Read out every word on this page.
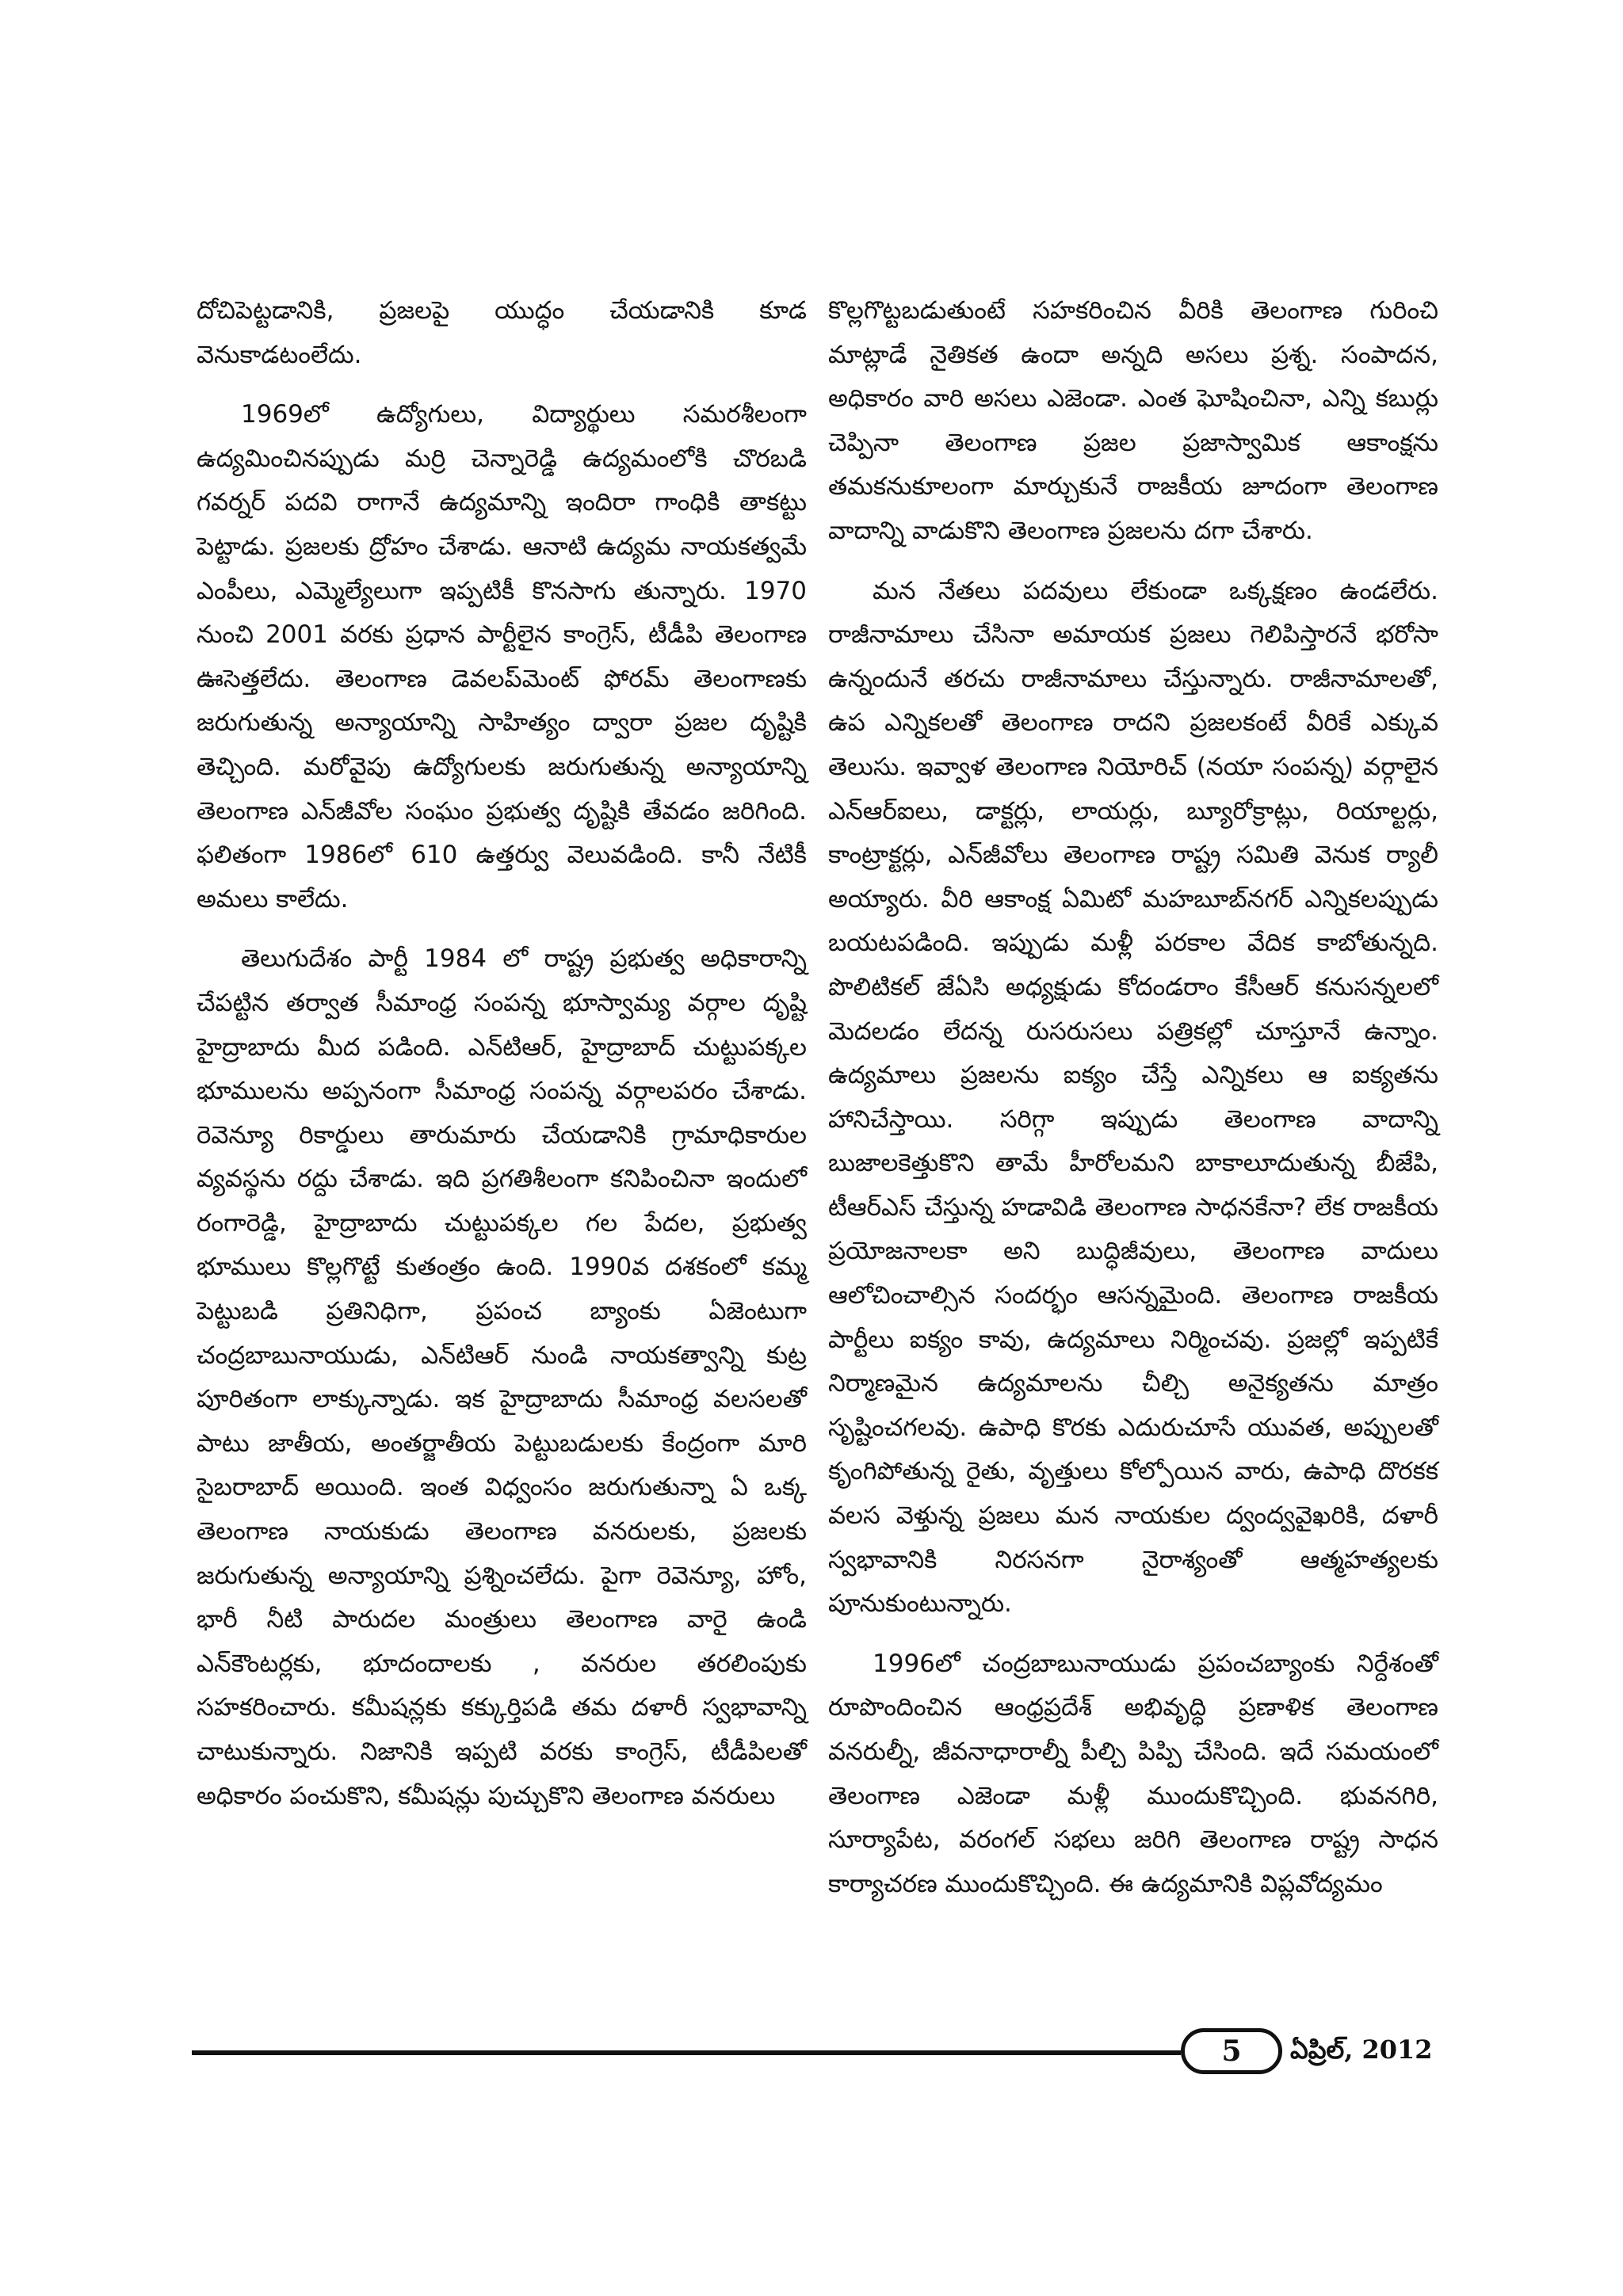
దోచిపెట్టడానికి, ప్రజలపై యుద్ధం చేయడానికి కూడ వెనుకాడటంలేదు.

1969లో ఉద్యోగులు, విద్యార్థులు సమరశీలంగా ఉద్యమించినప్పుడు మర్రి చెన్నారెడ్డి ఉద్యమంలోకి చొరబడి గవర్నర్ పదవి రాగానే ఉద్యమాన్ని ఇందిరా గాంధికి తాకట్టు పెట్టాడు. ప్రజలకు ద్రోహం చేశాడు. ఆనాటి ఉద్యమ నాయకత్వమే ఎంపీలు, ఎమ్మెల్యేలుగా ఇప్పటికీ కొనసాగు తున్నారు. 1970 నుంచి 2001 వరకు ప్రధాన పార్టీలైన కాంగ్రెస్, టీడీపి తెలంగాణ ఊసెత్తలేదు. తెలంగాణ డెవలప్‌మెంట్ ఫోరమ్ తెలంగాణకు జరుగుతున్న అన్యాయాన్ని సాహిత్యం ద్వారా ప్రజల దృష్టికి తెచ్చింది. మరోవైపు ఉద్యోగులకు జరుగుతున్న అన్యాయాన్ని తెలంగాణ ఎన్‌జీవోల సంఘం ప్రభుత్వ దృష్టికి తేవడం జరిగింది. ఫలితంగా 1986లో 610 ఉత్తర్వు వెలువడింది. కానీ నేటికీ అమలు కాలేదు.

తెలుగుదేశం పార్టీ 1984 లో రాష్ట్ర ప్రభుత్వ అధికారాన్ని చేపట్టిన తర్వాత సీమాంధ్ర సంపన్న భూస్వామ్య వర్గాల దృష్టి హైద్రాబాదు మీద పడింది. ఎన్‌టిఆర్, హైద్రాబాద్ చుట్టుపక్కల భూములను అప్పనంగా సీమాంధ్ర సంపన్న వర్గాలపరం చేశాడు. రెవెన్యూ రికార్డులు తారుమారు చేయడానికి గ్రామాధికారుల వ్యవస్థను రద్దు చేశాడు. ఇది ప్రగతిశీలంగా కనిపించినా ఇందులో రంగారెడ్డి, హైద్రాబాదు చుట్టుపక్కల గల పేదల, ప్రభుత్వ భూములు కొల్లగొట్టే కుతంత్రం ఉంది. 1990వ దశకంలో కమ్మ పెట్టుబడి ప్రతినిధిగా, ప్రపంచ బ్యాంకు ఏజెంటుగా చంద్రబాబునాయుడు, ఎన్‌టిఆర్ నుండి నాయకత్వాన్ని కుట్ర పూరితంగా లాక్కున్నాడు. ఇక హైద్రాబాదు సీమాంధ్ర వలసలతో పాటు జాతీయ, అంతర్జాతీయ పెట్టుబడులకు కేంద్రంగా మారి సైబరాబాద్ అయింది. ఇంత విధ్వంసం జరుగుతున్నా ఏ ఒక్క తెలంగాణ నాయకుడు తెలంగాణ వనరులకు, ప్రజలకు జరుగుతున్న అన్యాయాన్ని ప్రశ్నించలేదు. పైగా రెవెన్యూ, హోం, భారీ నీటి పారుదల మంత్రులు తెలంగాణ వారై ఉండి ఎన్‌కౌంటర్లకు, భూదందాలకు , వనరుల తరలింపుకు సహకరించారు. కమీషన్లకు కక్కుర్తిపడి తమ దళారీ స్వభావాన్ని చాటుకున్నారు. నిజానికి ఇప్పటి వరకు కాంగ్రెస్, టీడీపిలతో అధికారం పంచుకొని, కమీషన్లు పుచ్చుకొని తెలంగాణ వనరులు

కొల్లగొట్టబడుతుంటే సహకరించిన వీరికి తెలంగాణ గురించి మాట్లాడే నైతికత ఉందా అన్నది అసలు ప్రశ్న. సంపాదన, అధికారం వారి అసలు ఎజెండా. ఎంత ఘోషించినా, ఎన్ని కబుర్లు చెప్పినా తెలంగాణ ప్రజల ప్రజాస్వామిక ఆకాంక్షను తమకనుకూలంగా మార్చుకునే రాజకీయ జూదంగా తెలంగాణ వాదాన్ని వాడుకొని తెలంగాణ ప్రజలను దగా చేశారు.

మన నేతలు పదవులు లేకుండా ఒక్కక్షణం ఉండలేరు. రాజీనామాలు చేసినా అమాయక ప్రజలు గెలిపిస్తారనే భరోసా ఉన్నందునే తరచు రాజీనామాలు చేస్తున్నారు. రాజీనామాలతో, ఉప ఎన్నికలతో తెలంగాణ రాదని ప్రజలకంటే వీరికే ఎక్కువ తెలుసు. ఇవ్వాళ తెలంగాణ నియోరిచ్ (నయా సంపన్న) వర్గాలైన ఎన్‌ఆర్‌ఐలు, డాక్టర్లు, లాయర్లు, బ్యూరోక్రాట్లు, రియాల్టర్లు, కాంట్రాక్టర్లు, ఎన్‌జీవోలు తెలంగాణ రాష్ట్ర సమితి వెనుక ర్యాలీ అయ్యారు. వీరి ఆకాంక్ష ఏమిటో మహబూబ్‌నగర్ ఎన్నికలప్పుడు బయటపడింది. ఇప్పుడు మళ్లీ పరకాల వేదిక కాబోతున్నది. పొలిటికల్ జేఏసి అధ్యక్షుడు కోదండరాం కేసీఆర్ కనుసన్నలలో మెదలడం లేదన్న రుసరుసలు పత్రికల్లో చూస్తూనే ఉన్నాం. ఉద్యమాలు ప్రజలను ఐక్యం చేస్తే ఎన్నికలు ఆ ఐక్యతను హానిచేస్తాయి. సరిగ్గా ఇప్పుడు తెలంగాణ వాదాన్ని బుజాలకెత్తుకొని తామే హీరోలమని బాకాలూదుతున్న బీజేపి, టీఆర్‌ఎస్ చేస్తున్న హడావిడి తెలంగాణ సాధనకేనా? లేక రాజకీయ ప్రయోజనాలకా అని బుద్ధిజీవులు, తెలంగాణ వాదులు ఆలోచించాల్సిన సందర్భం ఆసన్నమైంది. తెలంగాణ రాజకీయ పార్టీలు ఐక్యం కావు, ఉద్యమాలు నిర్మించవు. ప్రజల్లో ఇప్పటికే నిర్మాణమైన ఉద్యమాలను చీల్చి అనైక్యతను మాత్రం సృష్టించగలవు. ఉపాధి కొరకు ఎదురుచూసే యువత, అప్పులతో కృంగిపోతున్న రైతు, వృత్తులు కోల్పోయిన వారు, ఉపాధి దొరకక వలస వెళ్తున్న ప్రజలు మన నాయకుల ద్వంద్వవైఖరికి, దళారీ స్వభావానికి నిరసనగా నైరాశ్యంతో ఆత్మహత్యలకు పూనుకుంటున్నారు.

1996లో చంద్రబాబునాయుడు ప్రపంచబ్యాంకు నిర్దేశంతో రూపొందించిన ఆంధ్రప్రదేశ్ అభివృద్ధి ప్రణాళిక తెలంగాణ వనరుల్నీ, జీవనాధారాల్నీ పీల్చి పిప్పి చేసింది. ఇదే సమయంలో తెలంగాణ ఎజెండా మళ్లీ ముందుకొచ్చింది. భువనగిరి, సూర్యాపేట, వరంగల్ సభలు జరిగి తెలంగాణ రాష్ట్ర సాధన కార్యాచరణ ముందుకొచ్చింది. ఈ ఉద్యమానికి విప్లవోద్యమం

5 ఏప్రిల్, 2012
